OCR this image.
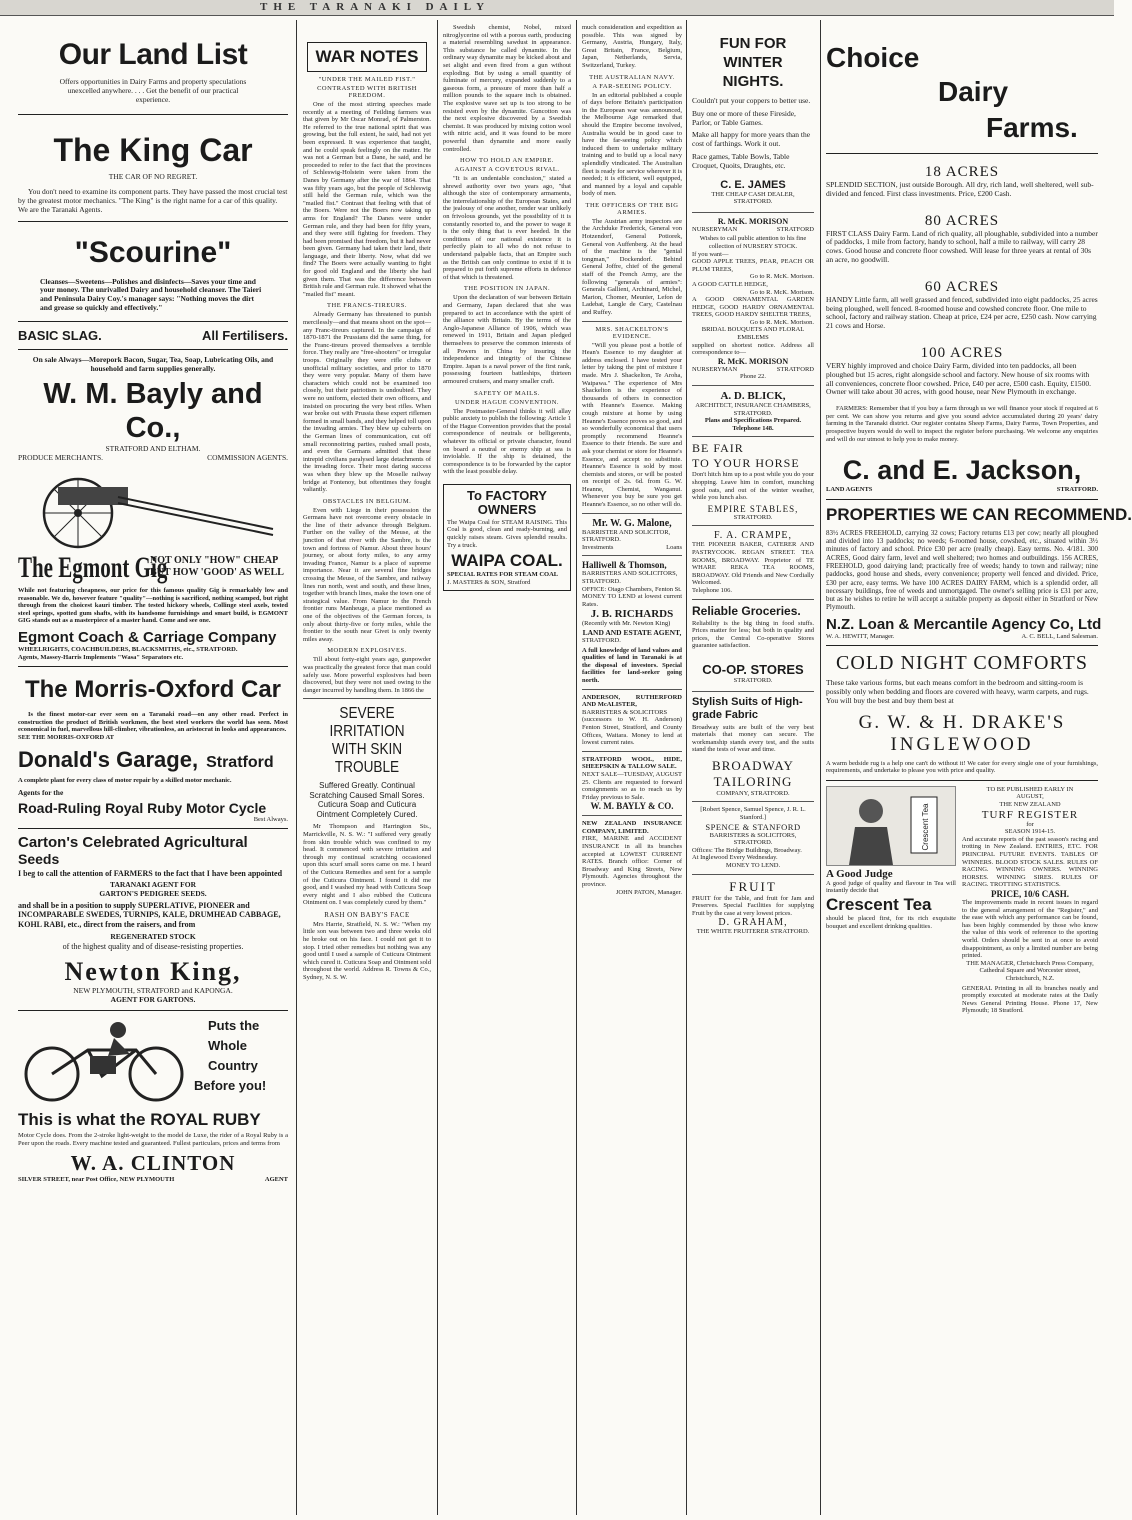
THE TARANAKI DAILY
Our Land List
Offers opportunities in Dairy Farms and property speculations unexcelled anywhere. . . . Get the benefit of our practical experience.
The King Car
THE CAR OF NO REGRET.
You don't need to examine its component parts. They have passed the most crucial test by the greatest motor mechanics. "The King" is the right name for a car of this quality. We are the Taranaki Agents.
"Scourine"
Cleanses—Sweetens—Polishes and disinfects—Saves your time and your money. The unrivalled Dairy and household cleanser. The Taieri and Peninsula Dairy Coy.'s manager says: "Nothing moves the dirt and grease so quickly and effectively."
BASIC SLAG.	All Fertilisers.
On sale Always—Morepork Bacon, Sugar, Tea, Soap, Lubricating Oils, and household and farm supplies generally.
W. M. Bayly and Co.,
STRATFORD AND ELTHAM.
PRODUCE MERCHANTS.	COMMISSION AGENTS.
The Egmont Gig
NOT ONLY "HOW" CHEAP
BUT HOW 'GOOD' AS WELL
While not featuring cheapness, our price for this famous quality Gig is remarkably low and reasonable. We do, however feature "quality"—nothing is sacrificed, nothing scamped, but right through from the choicest kauri timber. The tested hickory wheels, Collinge steel axels, tested steel springs, spotted gum shafts, with its handsome furnishings and smart build, is EGMONT GIG stands out as a masterpiece of a master hand. Come and see one.
Egmont Coach & Carriage Company
WHEELRIGHTS, COACHBUILDERS, BLACKSMITHS, etc., STRATFORD.
Agents, Massey-Harris Implements "Wasa" Separators etc.
The Morris-Oxford Car
Is the finest motor-car ever seen on a Taranaki road—on any other road. Perfect in construction the product of British workmen, the best steel workers the world has seen. Most economical in fuel, marvellous hill-climber, vibrationless, an aristocrat in looks and appearances.
SEE THE MORRIS-OXFORD AT
Donald's Garage, Stratford
A complete plant for every class of motor repair by a skilled motor mechanic.
Agents for the
Road-Ruling Royal Ruby Motor Cycle
Best Always.
Carton's Celebrated Agricultural
Seeds
I beg to call the attention of FARMERS to the fact that I have been appointed
TARANAKI AGENT FOR
GARTON'S PEDIGREE SEEDS.
and shall be in a position to supply SUPERLATIVE, PIONEER and INCOMPARABLE SWEDES, TURNIPS, KALE, DRUMHEAD CABBAGE, KOHL RABI, etc., direct from the raisers, and from
REGENERATED STOCK
of the highest quality and of disease-resisting properties.
Newton King,
NEW PLYMOUTH, STRATFORD and KAPONGA.
AGENT FOR GARTONS.
Puts the
Whole
Country
Before you!
This is what the ROYAL RUBY
Motor Cycle does. From the 2-stroke light-weight to the model de Luxe, the rider of a Royal Ruby is a Peer upon the roads. Every machine tested and guaranteed. Fullest particulars, prices and terms from
W. A. CLINTON
SILVER STREET, near Post Office, NEW PLYMOUTH	AGENT
WAR NOTES
"UNDER THE MAILED FIST."
CONTRASTED WITH BRITISH FREEDOM.
One of the most stirring speeches made recently at a meeting of Feilding farmers was that given by Mr Oscar Monrad, of Palmerston. He referred to the true national spirit that was growing, but the full extent, he said, had not yet been expressed. It was experience that taught, and he could speak feelingly on the matter. He was not a German but a Dane, he said, and he proceeded to refer to the fact that the provinces of Schleswig-Holstein were taken from the Danes by Germany after the war of 1864. That was fifty years ago, but the people of Schleswig still held the German rule, which was the "mailed fist." Contrast that feeling with that of the Boers. Were not the Boers now taking up arms for England? The Danes were under German rule, and they had been for fifty years, and they were still fighting for freedom. They had been promised that freedom, but it had never been given. Germany had taken their land, their language, and their liberty. Now, what did we find? The Boers were actually wanting to fight for good old England and the liberty she had given them. That was the difference between British rule and German rule. It showed what the "mailed fist" meant.
THE FRANCS-TIREURS.
Already Germany has threatened to punish mercilessly—and that means shoot on the spot—any Franc-tireurs captured. In the campaign of 1870-1871 the Prussians did the same thing, for the Franc-tireurs proved themselves a terrible force. They really are "free-shooters" or irregular troops. Originally they were rifle clubs or unofficial military societies, and prior to 1870 they were very popular. Many of them have characters which could not be examined too closely, but their patriotism is undoubted. They were no uniform, elected their own officers, and insisted on procuring the very best rifles. When war broke out with Prussia these expert riflemen formed in small bands, and they helped toll upon the invading armies. They blew up culverts on the German lines of communication, cut off small reconnoitring parties, rushed small posts, and even the Germans admitted that these intrepid civilians paralysed large detachments of the invading force. Their most daring success was when they blew up the Moselle railway bridge at Fontenoy, but oftentimes they fought valiantly.
OBSTACLES IN BELGIUM.
Even with Liege in their possession the Germans have not overcome every obstacle in the line of their advance through Belgium. Further on the valley of the Meuse, at the junction of that river with the Sambre, is the town and fortress of Namur. About three hours' journey, or about forty miles, to any army invading France, Namur is a place of supreme importance. Near it are several fine bridges crossing the Meuse, of the Sambre, and railway lines run north, west and south, and these lines, together with branch lines, make the town one of strategical value. From Namur to the French frontier runs Manheuge, a place mentioned as one of the objectives of the German forces, is only about thirty-five or forty miles, while the frontier to the south near Givet is only twenty miles away.
MODERN EXPLOSIVES.
Till about forty-eight years ago, gunpowder was practically the greatest force that man could safely use. More powerful explosives had been discovered, but they were not used owing to the danger incurred by handling them. In 1866 the
SEVERE IRRITATION WITH SKIN TROUBLE
Suffered Greatly. Continual Scratching Caused Small Sores. Cuticura Soap and Cuticura Ointment Completely Cured.
Mr Thompson and Harrington Sts., Marrickville, N. S. W.: "I suffered very greatly from skin trouble which was confined to my head. It commenced with severe irritation and through my continual scratching occasioned upon this scurf small sores came on me. I heard of the Cuticura Remedies and sent for a sample of the Cuticura Ointment. I found it did me good, and I washed my head with Cuticura Soap every night and I also rubbed the Cuticura Ointment on. I was completely cured by them."
RASH ON BABY'S FACE
Mrs Harrie, Stratfield, N. S. W.: "When my little son was between two and three weeks old he broke out on his face. I could not get it to stop. I tried other remedies but nothing was any good until I used a sample of Cuticura Ointment which cured it. Cuticura Soap and Ointment sold throughout the world. Address R. Towns & Co., Sydney, N. S. W.
Swedish chemist, Nobel, mixed nitroglycerine oil with a porous earth, producing a material resembling sawdust in appearance. This substance he called dynamite. In the ordinary way dynamite may be kicked about and set alight and even fired from a gun without exploding. But by using a small quantity of fulminate of mercury, expanded suddenly to a gaseous form, a pressure of more than half a million pounds to the square inch is obtained. The explosive wave set up is too strong to be resisted even by the dynamite. Guncotton was the next explosive discovered by a Swedish chemist. It was produced by mixing cotton wool with nitric acid, and it was found to be more powerful than dynamite and more easily controlled.
HOW TO HOLD AN EMPIRE.
AGAINST A COVETOUS RIVAL.
"It is an undeniable conclusion," stated a shrewd authority over two years ago, "that although the size of contemporary armaments, the interrelationship of the European States, and the jealousy of one another, render war unlikely on frivolous grounds, yet the possibility of it is constantly resorted to, and the power to wage it is the only thing that is ever heeded. In the conditions of our national existence it is perfectly plain to all who do not refuse to understand palpable facts, that an Empire such as the British can only continue to exist if it is prepared to put forth supreme efforts in defence of that which is threatened.
THE POSITION IN JAPAN.
Upon the declaration of war between Britain and Germany, Japan declared that she was prepared to act in accordance with the spirit of the alliance with Britain. By the terms of the Anglo-Japanese Alliance of 1906, which was renewed in 1911, Britain and Japan pledged themselves to preserve the common interests of all Powers in China by insuring the independence and integrity of the Chinese Empire. Japan is a naval power of the first rank, possessing fourteen battleships, thirteen armoured cruisers, and many smaller craft.
SAFETY OF MAILS.
UNDER HAGUE CONVENTION.
The Postmaster-General thinks it will allay public anxiety to publish the following: Article 1 of the Hague Convention provides that the postal correspondence of neutrals or belligerents, whatever its official or private character, found on board a neutral or enemy ship at sea is inviolable. If the ship is detained, the correspondence is to be forwarded by the captor with the least possible delay.
To FACTORY OWNERS
The Waipa Coal for STEAM RAISING. This Coal is good, clean and ready-burning, and quickly raises steam. Gives splendid results. Try a truck.
WAIPA COAL.
SPECIAL RATES FOR STEAM COAL
J. MASTERS & SON, Stratford
much consideration and expedition as possible. This was signed by Germany, Austria, Hungary, Italy, Great Britain, France, Belgium, Japan, Netherlands, Servia, Switzerland, Turkey.
THE AUSTRALIAN NAVY.
A FAR-SEEING POLICY.
In an editorial published a couple of days before Britain's participation in the European war was announced, the Melbourne Age remarked that should the Empire become involved, Australia would be in good case to have the far-seeing policy which induced them to undertake military training and to build up a local navy splendidly vindicated. The Australian fleet is ready for service wherever it is needed; it is efficient, well equipped, and manned by a loyal and capable body of men.
THE OFFICERS OF THE BIG ARMIES.
The Austrian army inspectors are the Archduke Frederick, General von Hotzendorf, General Potiorek, General von Auffenberg. At the head of the machine is the "genial tongman," Dockendorf. Behind General Joffre, chief of the general staff of the French Army, are the following "generals of armies": Generals Gallieni, Archinard, Michel, Marion, Chomer, Meunier, Lefon de Ladebat, Langle de Cary, Castelnau and Ruffey.
MRS. SHACKELTON'S EVIDENCE.
"Will you please post a bottle of Hean's Essence to my daughter at address enclosed. I have tested your letter by taking the pint of mixture I made. Mrs J. Shackelton, Te Aroha, Waipawa." The experience of Mrs Shackelton is the experience of thousands of others in connection with Heanne's Essence. Making cough mixture at home by using Heanne's Essence proves so good, and so wonderfully economical that users promptly recommend Heanne's Essence to their friends. Be sure and ask your chemist or store for Heanne's Essence, and accept no substitute. Heanne's Essence is sold by most chemists and stores, or will be posted on receipt of 2s. 6d. from G. W. Heanne, Chemist, Wanganui. Whenever you buy be sure you get Heanne's Essence, so no other will do.
Mr. W. G. Malone,
BARRISTER AND SOLICITOR,
STRATFORD.
Investments	Loans
Halliwell & Thomson,
BARRISTERS AND SOLICITORS,
STRATFORD.
OFFICE: Otago Chambers, Fenton St.
MONEY TO LEND at lowest current Rates.
J. B. RICHARDS
(Recently with Mr. Newton King)
LAND AND ESTATE AGENT,
STRATFORD.
A full knowledge of land values and qualities of land in Taranaki is at the disposal of investors. Special facilities for land-seeker going north.
ANDERSON, RUTHERFORD AND McALISTER,
BARRISTERS & SOLICITORS
(successors to W. H. Anderson) Fenton Street, Stratford, and County Offices, Waitara. Money to lend at lowest current rates.
STRATFORD WOOL, HIDE, SHEEPSKIN & TALLOW SALE.
NEXT SALE—TUESDAY, AUGUST 25. Clients are requested to forward consignments so as to reach us by Friday previous to Sale.
W. M. BAYLY & CO.
NEW ZEALAND INSURANCE COMPANY, LIMITED.
FIRE, MARINE and ACCIDENT INSURANCE in all its branches accepted at LOWEST CURRENT RATES. Branch office: Corner of Broadway and King Streets, New Plymouth. Agencies throughout the province.
JOHN PATON, Manager.
FUN FOR WINTER NIGHTS.
Couldn't put your coppers to better use.
Buy one or more of these Fireside, Parlor, or Table Games.
Make all happy for more years than the cost of farthings. Work it out.
Race games, Table Bowls, Table Croquet, Quoits, Draughts, etc.
C. E. JAMES
THE CHEAP CASH DEALER, STRATFORD.
R. McK. MORISON
NURSERYMAN	STRATFORD
Wishes to call public attention to his fine collection of NURSERY STOCK.
If you want—
GOOD APPLE TREES, PEAR, PEACH OR PLUM TREES,
Go to R. McK. Morison.
A GOOD CATTLE HEDGE,
Go to R. McK. Morison.
A GOOD ORNAMENTAL GARDEN HEDGE, GOOD HARDY ORNAMENTAL TREES, GOOD HARDY SHELTER TREES,
Go to R. McK. Morison.
BRIDAL BOUQUETS AND FLORAL EMBLEMS
supplied on shortest notice. Address all correspondence to—
R. McK. MORISON
NURSERYMAN	STRATFORD
Phone 22.
A. D. BLICK,
ARCHITECT, INSURANCE CHAMBERS, STRATFORD.
Plans and Specifications Prepared. Telephone 148.
BE FAIR
TO YOUR HORSE
Don't hitch him up to a post while you do your shopping. Leave him in comfort, munching good oats, and out of the winter weather, while you lunch also.
EMPIRE STABLES,
STRATFORD.
F. A. CRAMPE,
THE PIONEER BAKER, CATERER AND PASTRYCOOK. REGAN STREET. TEA ROOMS, BROADWAY. Proprietor of TE WHARE REKA TEA ROOMS, BROADWAY. Old Friends and New Cordially Welcomed.
Telephone 106.
Reliable Groceries.
Reliability is the big thing in food stuffs. Prices matter for less; but both in quality and prices, the Central Co-operative Stores guarantee satisfaction.
CO-OP. STORES
STRATFORD.
Stylish Suits of High-grade Fabric
Broadway suits are built of the very best materials that money can secure. The workmanship stands every test, and the suits stand the tests of wear and time.
BROADWAY TAILORING
COMPANY, STRATFORD.
[Robert Spence, Samuel Spence, J. R. L. Stanford.]
SPENCE & STANFORD
BARRISTERS & SOLICITORS, STRATFORD.
Offices: The Bridge Buildings, Broadway.
At Inglewood Every Wednesday.
MONEY TO LEND.
FRUIT
FRUIT for the Table, and fruit for Jam and Preserves. Special Facilities for supplying Fruit by the case at very lowest prices.
D. GRAHAM,
THE WHITE FRUITERER STRATFORD.
Choice
Dairy
Farms.
18 ACRES
SPLENDID SECTION, just outside Borough. All dry, rich land, well sheltered, well sub-divided and fenced. First class investments. Price, £200 Cash.
80 ACRES
FIRST CLASS Dairy Farm. Land of rich quality, all ploughable, subdivided into a number of paddocks, 1 mile from factory, handy to school, half a mile to railway, will carry 28 cows. Good house and concrete floor cowshed. Will lease for three years at rental of 30s an acre, no goodwill.
60 ACRES
HANDY Little farm, all well grassed and fenced, subdivided into eight paddocks, 25 acres being ploughed, well fenced. 8-roomed house and cowshed concrete floor. One mile to school, factory and railway station. Cheap at price, £24 per acre, £250 cash. Now carrying 21 cows and Horse.
100 ACRES
VERY highly improved and choice Dairy Farm, divided into ten paddocks, all been ploughed but 15 acres, right alongside school and factory. New house of six rooms with all conveniences, concrete floor cowshed. Price, £40 per acre, £500 cash. Equity, £1500. Owner will take about 30 acres, with good house, near New Plymouth in exchange.
FARMERS: Remember that if you buy a farm through us we will finance your stock if required at 6 per cent. We can show you returns and give you sound advice accumulated during 20 years' dairy farming in the Taranaki district. Our register contains Sheep Farms, Dairy Farms, Town Properties, and prospective buyers would do well to inspect the register before purchasing. We welcome any enquiries and will do our utmost to help you to make money.
C. and E. Jackson,
LAND AGENTS	STRATFORD.
PROPERTIES WE CAN RECOMMEND.
83½ ACRES FREEHOLD, carrying 32 cows; Factory returns £13 per cow; nearly all ploughed and divided into 13 paddocks; no weeds; 6-roomed house, cowshed, etc., situated within 3½ minutes of factory and school. Price £30 per acre (really cheap). Easy terms. No. 4/181. 300 ACRES, Good dairy farm, level and well sheltered; two homes and outbuildings. 156 ACRES, FREEHOLD, good dairying land; practically free of weeds; handy to town and railway; nine paddocks, good house and sheds, every convenience; property well fenced and divided. Price, £30 per acre, easy terms. We have 100 ACRES DAIRY FARM, which is a splendid order, all necessary buildings, free of weeds and unmortgaged. The owner's selling price is £31 per acre, but as he wishes to retire he will accept a suitable property as deposit either in Stratford or New Plymouth.
N.Z. Loan & Mercantile Agency Co, Ltd
W. A. HEWITT, Manager.	A. C. BELL, Land Salesman.
COLD NIGHT COMFORTS
These take various forms, but each means comfort in the bedroom and sitting-room is possibly only when bedding and floors are covered with heavy, warm carpets, and rugs. You will buy the best and buy them best at
G. W. & H. DRAKE'S
INGLEWOOD
A warm bedside rug is a help one can't do without it! We cater for every single one of your furnishings, requirements, and undertake to please you with price and quality.
Crescent Tea
A Good Judge
A good judge of quality and flavour in Tea will instantly decide that
Crescent Tea
should be placed first, for its rich exquisite bouquet and excellent drinking qualities.
TO BE PUBLISHED EARLY IN
AUGUST,
THE NEW ZEALAND
TURF REGISTER
for
SEASON 1914-15.
And accurate reports of the past season's racing and trotting in New Zealand. ENTRIES, ETC. FOR PRINCIPAL FUTURE EVENTS. TABLES OF WINNERS. BLOOD STOCK SALES. RULES OF RACING. WINNING OWNERS. WINNING HORSES. WINNING SIRES. RULES OF RACING. TROTTING STATISTICS.
PRICE, 10/6 CASH.
The improvements made in recent issues in regard to the general arrangement of the "Register," and the ease with which any performance can be found, has been highly commended by those who know the value of this work of reference to the sporting world. Orders should be sent in at once to avoid disappointment, as only a limited number are being printed.
THE MANAGER, Christchurch Press Company, Cathedral Square and Worcester street, Christchurch, N.Z.
GENERAL Printing in all its branches neatly and promptly executed at moderate rates at the Daily News General Printing House. Phone 17, New Plymouth; 18 Stratford.
